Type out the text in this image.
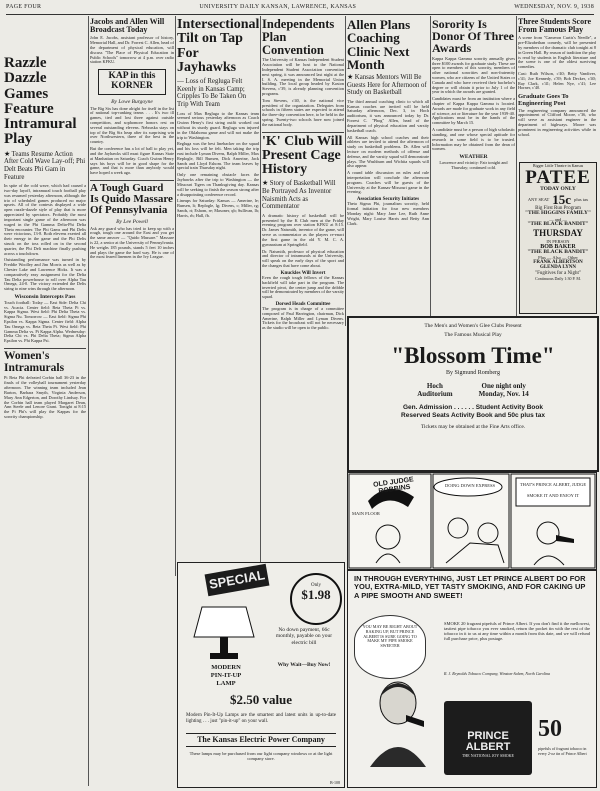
PAGE FOUR	UNIVERSITY DAILY KANSAN, LAWRENCE, KANSAS	WEDNESDAY, NOV. 9, 1938
Razzle Dazzle Games Feature Intramural Play
★ Teams Resume Action After Cold Wave Lay-off; Phi Delt Beats Phi Gam in Feature
In spite of the cold wave, which had caused a two-day layoff, intramural touch football play was resumed yesterday afternoon, although the trio of scheduled games produced no major upsets. All of the contests displayed a wide open razzle-dazzle style of play that is more appreciated by spectators. Probably the most important single game of the afternoon was waged in the Phi Gamma Delta-Phi Delta Theta encounter. The Phi Gams and Phi Delts were victorious, 13-8. Both elevens exerted all their energy in the game and the Phi Delts struck on the toss rolled on in the second quarter, the Phi Delt machine finally pushing across a touchdown.
Outstanding performance was turned in by Freddie Woolley and Jim Morris as well as by Chester Lake and Lawrence Hicks. It was a comparatively easy assignment for the Delta Tau Delta powerhouse to roll over Alpha Tau Omega, 24-0. The victory extended the Delts string to nine wins through the afternoon.
Wisconsin Intercepts Pass
Touch football: Today — East Side: Delta Chi vs. Acacia. Center field: Beta Theta Pi vs. Kappa Sigma. West field: Phi Delta Theta vs. Sigma Nu. Tomorrow — East field: Sigma Phi Epsilon vs. Kappa Sigma. Center field: Alpha Tau Omega vs. Beta Theta Pi. West field: Phi Gamma Delta vs. Pi Kappa Alpha. Wednesday: Delta Chi vs. Phi Delta Theta; Sigma Alpha Epsilon vs. Phi Kappa Psi.
Women's Intramurals
Pi Beta Phi defeated Corbin hall 36-23 in the finals of the volleyball tournament yesterday afternoon. The winning team included Jean Barton, Barbara Smyth, Virginia Anderson, Mary Ann Edgerton, and Dorothy Lindsay. For the Corbin hall team played Margaret Dean, Ann Steele and Lenore Grant. Tonight at 8:15 the Pi Phi's will play the Kappas for the sorority championship.
Jacobs and Allen Will Broadcast Today
John E. Jacobs, assistant professor of history, Memorial Hall, and Dr. Forrest C. Allen, head of the department of physical education, will discuss "The Place of Physical Education in Public Schools" tomorrow at 4 p.m. over radio station KFKU.
KAP in this KORNER
By Lowe Burgoyne
The Big Six has done alright for itself in the list of national top-ranking teams . . . It's two ill games, tied and lost three against outside competition, and sophomore honors rest on several outstanding elevens. Nebraska stays on top of the Big Six heap after its surprising win over Northwestern, three of the best in the country.
But the conference has a lot of ball to play yet, and the Jayhawks still must figure Kansas State at Manhattan on Saturday. Coach Gwinn Henry says his boys will be in good shape for the game, and that is more than anybody would have hoped a week ago.
A Tough Guard Is Quido Massare Of Pennsylvania
By Lee Powell
Ask any guard who has tried to keep up with a rough, tough one around the East and you get the same answer — "Quido Massare." Massare is 22, a senior at the University of Pennsylvania. He weighs 185 pounds, stands 5 feet 10 inches and plays the game the hard way. He is one of the most feared linemen in the Ivy League.
Intersectional Tilt on Tap For Jayhawks
— Loss of Regluga Felt Keenly in Kansas Camp; Cripples To Be Taken On Trip With Team
Loss of Max Regluga to the Kansas team seemed serious yesterday afternoon as Coach Gwinn Henry's first string outfit worked out without its sturdy guard. Regluga was injured in the Oklahoma game and will not make the trip to Washington.
Regluga was the best linebacker on the squad and his loss will be felt. Men taking the trip east include Lyman Divens, Ralph Miller, Max Replogle, Bill Bunsen, Dick Amerine, Jack Sands and Lloyd Eshom. The team leaves by special train Thursday night.
Only one remaining obstacle faces the Jayhawks after the trip to Washington — the Missouri Tigers on Thanksgiving day. Kansas will be seeking to finish the season strong after a disappointing conference record.
Lineups for Saturday: Kansas — Amerine, le; Bunsen, lt; Replogle, lg; Divens, c; Miller, rg; Sands, rt; Eshom, re; Masoner, qb; Sullivan, lh; Harris, rh; Hall, fb.
Independents Plan Convention
The University of Kansas Independent Student Association will be host to the National Independent Student Association convention next spring, it was announced last night at the I. S. A. meeting in the Memorial Union building. The local group headed by Kaston Stevens, c'39, is already planning convention programs.
Tom Stevens, c'40, is the national vice president of the organization. Delegates from schools in fifteen states are expected to attend the three-day convention here, to be held in the spring. Twenty-two schools have now joined the national body.
'K' Club Will Present Cage History
★ Story of Basketball Will Be Portrayed As Inventor Naismith Acts as Commentator
A dramatic history of basketball will be presented by the K Club men at the Friday evening program over station KFKU at 8:15. Dr. James Naismith, inventor of the game, will serve as commentator as the players re-enact the first game in the old Y. M. C. A. gymnasium at Springfield.
Dr. Naismith, professor of physical education and director of intramurals at the University, will speak on the early days of the sport and the changes that have come about.
Knuckles Will Invert
Even the rough tough fellows of the Kansas backfield will take part in the program. The inverted pivot, the center jump and the dribble will be demonstrated by members of the varsity squad.
Dorsed Heads Committee
The program is in charge of a committee composed of Paul Harrington, chairman, Dick Amerine, Ralph Miller and Lyman Divens. Tickets for the broadcast will not be necessary as the studio will be open to the public.
Allen Plans Coaching Clinic Next Month
★ Kansas Mentors Will Be Guests Here for Afternoon of Study on Basketball
The third annual coaching clinic to which all Kansas coaches are invited will be held Saturday afternoon, Dec. 3, in Hoch auditorium, it was announced today by Dr. Forrest C. "Phog" Allen, head of the department of physical education and varsity basketball coach.
All Kansas high school coaches and their athletes are invited to attend the afternoon of study on basketball problems. Dr. Allen will lecture on modern methods of offense and defense, and the varsity squad will demonstrate plays. The Washburn and Wichita squads will also appear.
A round table discussion on rules and rule interpretation will conclude the afternoon program. Coaches will be guests of the University at the Kansas-Missouri game in the evening.
Association Security Initiates
Theta Sigma Phi, journalism sorority, held formal initiation for four new members Monday night: Mary Jane Lee, Ruth Anne Wright, Mary Louise Harris and Betty Ann Clark.
Sorority Is Donor Of Three Awards
Kappa Kappa Gamma sorority annually gives three $100 awards for graduate study. These are open to members of this sorority, members of other national sororities and non-fraternity women, who are citizens of the United States or Canada and who have received their bachelor's degree or will obtain it prior to July 1 of the year in which the awards are granted.
Candidates must be from an institution where a chapter of Kappa Kappa Gamma is located. Awards are made for graduate work in any field of science, art or literature for the year 1939-40. Applications must be in the hands of the committee by March 15.
A candidate must be a person of high scholastic standing, and one whose special aptitude for research in some field is to be trusted. Information may be obtained from the dean of women.
WEATHER
Lawrence and vicinity: Fair tonight and Thursday; continued cold.
Three Students Score From Famous Play
A scene from "Cameron Curtis's Needle", a pre-Elizabethan comedy, will be presented by members of the dramatic club tonight at 8 in Green Hall. By reason of tradition the play is read by students in English literature and the scene is one of the oldest surviving comedies.
Cast: Ruth Wilson, c'40; Betty Vandiver, c'41; Joe Kennedy, c'39; Bob Decker, c'40; Ray Clark, c'41; Helen Nye, c'41; Lee Horner, c'40.
Graduate Goes To Engineering Post
The engineering company announced the appointment of Clifford Moore, c'36, who will serve as assistant engineer in the department of highways. Moore was prominent in engineering activities while in school.
Bigger Little Theatre in Kansas
PATEE
TODAY ONLY
ANY SEAT 15c plus tax
Big First Run Program
"THE HIGGINS FAMILY"
— and —
"THE BLACK BANDIT"
THURSDAY
IN PERSON
BOB BAKER
"THE BLACK BANDIT"
Plus — Also — Other
FRANK ALBERTSON
GLENDA LYNN
"Fugitives for a Night"
Continuous Daily 1:30 P. M.
The Men's and Women's Glee Clubs Present
The Famous Musical Play
"Blossom Time"
By Sigmund Romberg
Hoch
Auditorium
One night only
Monday, Nov. 14
Gen. Admission . . . . . . Student Activity Book
Reserved Seats Activity Book and 50c plus tax
Tickets may be obtained at the Fine Arts office.
OLD JUDGE ROBBINS
MAIN FLOOR
DOING DOWN EXPRESS	THAT'S PRINCE ALBERT, JUDGE
SMOKE IT AND ENJOY IT
IN THROUGH EVERYTHING, JUST LET PRINCE ALBERT DO FOR YOU, EXTRA-MILD, YET TASTY SMOKING, AND FOR CAKING UP A PIPE SMOOTH AND SWEET!
YOU MAY BE RIGHT ABOUT RAKING UP, BUT PRINCE ALBERT IS SURE GOING TO MAKE MY PIPE SMOKE SWEETER
SMOKE 20 fragrant pipefuls of Prince Albert. If you don't find it the mellowest, tastiest pipe tobacco you ever smoked, return the pocket tin with the rest of the tobacco in it to us at any time within a month from this date, and we will refund full purchase price, plus postage.
R. J. Reynolds Tobacco Company, Winston-Salem, North Carolina
PRINCE ALBERT
THE NATIONAL JOY SMOKE
50
pipefuls of fragrant tobacco in every 2-oz tin of Prince Albert
SPECIAL	Only
$1.98
MODERN
PIN-IT-UP
LAMP
No down payment, 66c monthly, payable on your electric bill
Why Wait—Buy Now!
$2.50 value
Modern Pin-It-Up Lamps are the smartest and latest units in up-to-date lighting . . . just "pin-it-up" on your wall.
The Kansas Electric Power Company
These lamps may be purchased from our light company windows or at the light company store.
B-108
